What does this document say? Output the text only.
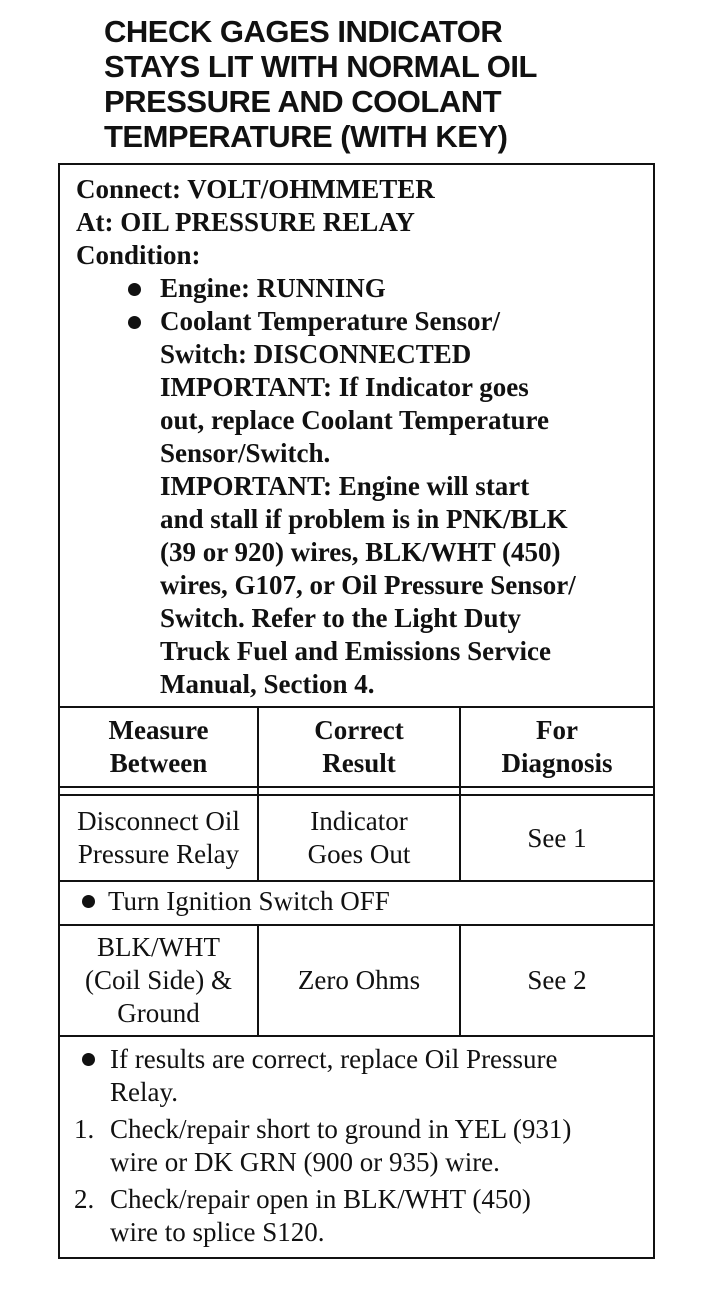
CHECK GAGES INDICATOR
STAYS LIT WITH NORMAL OIL
PRESSURE AND COOLANT
TEMPERATURE (WITH KEY)
Connect: VOLT/OHMMETER
At: OIL PRESSURE RELAY
Condition:
Engine: RUNNING
Coolant Temperature Sensor/
Switch: DISCONNECTED
IMPORTANT: If Indicator goes
out, replace Coolant Temperature
Sensor/Switch.
IMPORTANT: Engine will start
and stall if problem is in PNK/BLK
(39 or 920) wires, BLK/WHT (450)
wires, G107, or Oil Pressure Sensor/
Switch. Refer to the Light Duty
Truck Fuel and Emissions Service
Manual, Section 4.
Measure
Between
Correct
Result
For
Diagnosis
Disconnect Oil
Pressure Relay
Indicator
Goes Out
See 1
Turn Ignition Switch OFF
BLK/WHT
(Coil Side) &
Ground
Zero Ohms	See 2
If results are correct, replace Oil Pressure
Relay.
1. Check/repair short to ground in YEL (931)
wire or DK GRN (900 or 935) wire.
2. Check/repair open in BLK/WHT (450)
wire to splice S120.
